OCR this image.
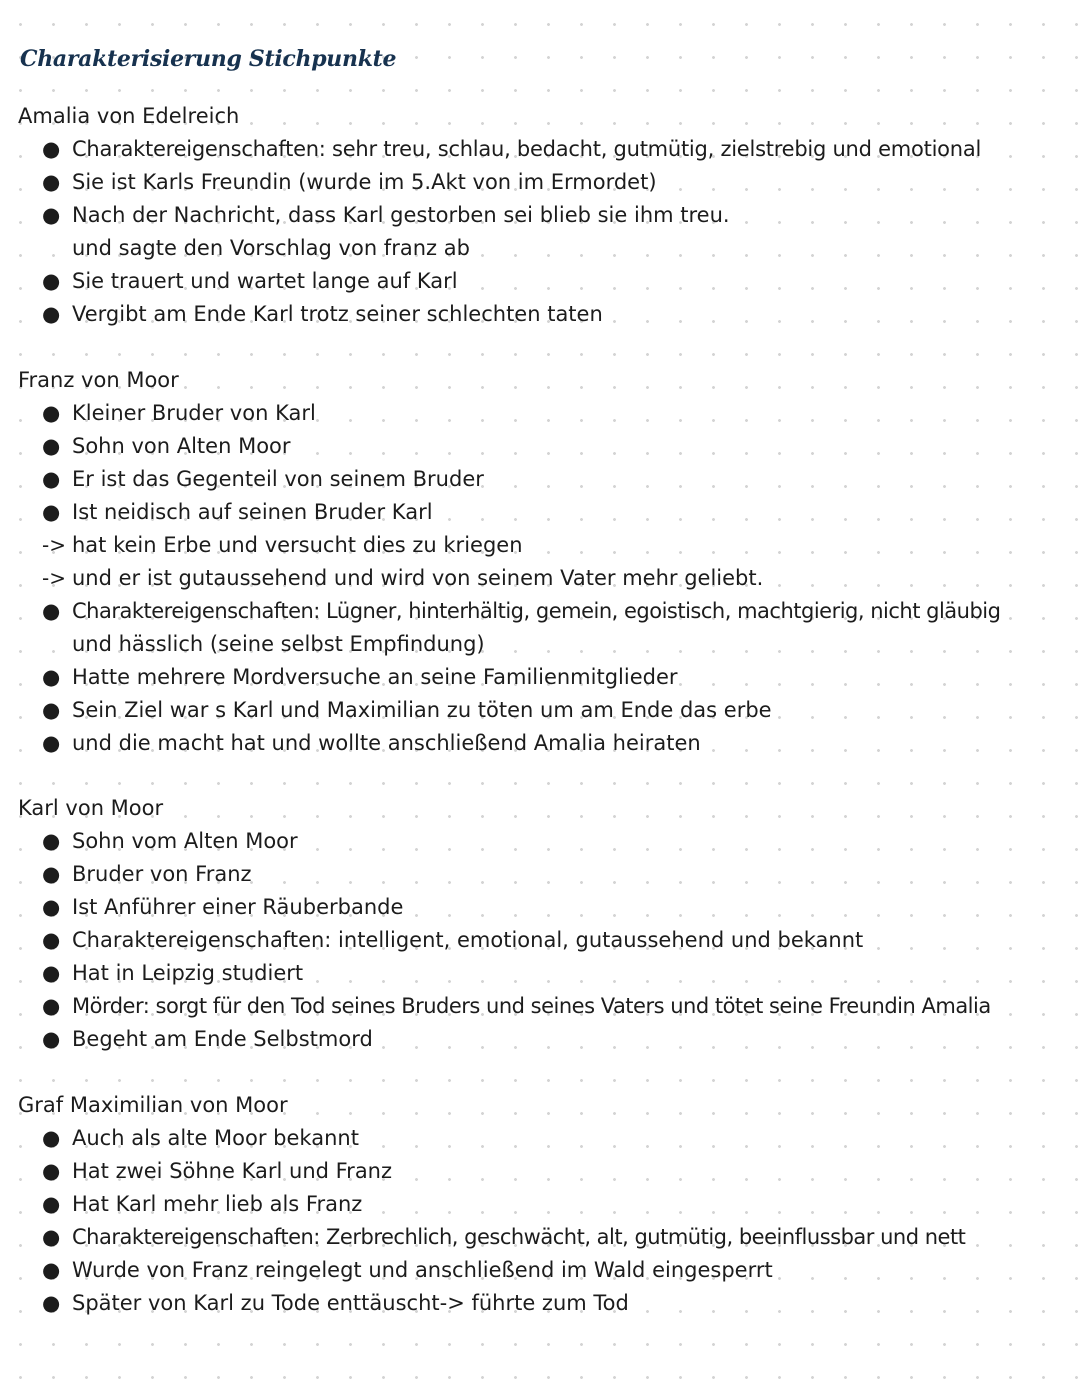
Charakterisierung Stichpunkte
Amalia von Edelreich
● Charaktereigenschaften: sehr treu, schlau, bedacht, gutmütig, zielstrebig und emotional
● Sie ist Karls Freundin (wurde im 5.Akt von im Ermordet)
● Nach der Nachricht, dass Karl gestorben sei blieb sie ihm treu.
und sagte den Vorschlag von franz ab
● Sie trauert und wartet lange auf Karl
● Vergibt am Ende Karl trotz seiner schlechten taten
Franz von Moor
● Kleiner Bruder von Karl
● Sohn von Alten Moor
● Er ist das Gegenteil von seinem Bruder
● Ist neidisch auf seinen Bruder Karl
-> hat kein Erbe und versucht dies zu kriegen
-> und er ist gutaussehend und wird von seinem Vater mehr geliebt.
● Charaktereigenschaften: Lügner, hinterhältig, gemein, egoistisch, machtgierig, nicht gläubig
und hässlich (seine selbst Empfindung)
● Hatte mehrere Mordversuche an seine Familienmitglieder
● Sein Ziel war s Karl und Maximilian zu töten um am Ende das erbe
● und die macht hat und wollte anschließend Amalia heiraten
Karl von Moor
● Sohn vom Alten Moor
● Bruder von Franz
● Ist Anführer einer Räuberbande
● Charaktereigenschaften: intelligent, emotional, gutaussehend und bekannt
● Hat in Leipzig studiert
● Mörder: sorgt für den Tod seines Bruders und seines Vaters und tötet seine Freundin Amalia
● Begeht am Ende Selbstmord
Graf Maximilian von Moor
● Auch als alte Moor bekannt
● Hat zwei Söhne Karl und Franz
● Hat Karl mehr lieb als Franz
● Charaktereigenschaften: Zerbrechlich, geschwächt, alt, gutmütig, beeinflussbar und nett
● Wurde von Franz reingelegt und anschließend im Wald eingesperrt
● Später von Karl zu Tode enttäuscht-> führte zum Tod
